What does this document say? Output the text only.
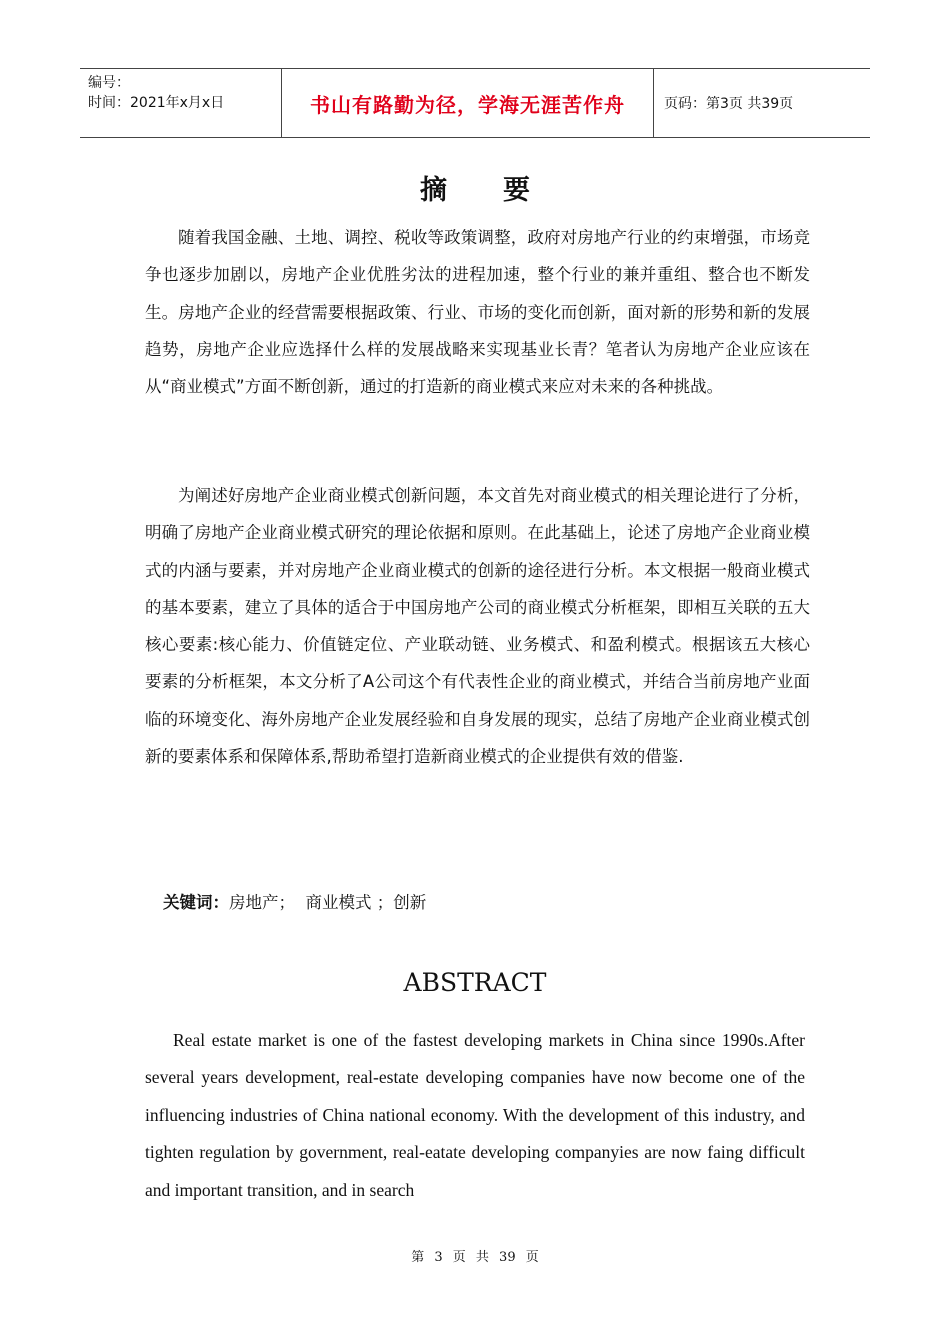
编号：
时间：2021年x月x日	书山有路勤为径，学海无涯苦作舟	页码：第3页 共39页
摘要

随着我国金融、土地、调控、税收等政策调整，政府对房地产行业的约束增强，市场竞争也逐步加剧以，房地产企业优胜劣汰的进程加速，整个行业的兼并重组、整合也不断发生。房地产企业的经营需要根据政策、行业、市场的变化而创新，面对新的形势和新的发展趋势，房地产企业应选择什么样的发展战略来实现基业长青？笔者认为房地产企业应该在从“商业模式”方面不断创新，通过的打造新的商业模式来应对未来的各种挑战。

为阐述好房地产企业商业模式创新问题，本文首先对商业模式的相关理论进行了分析，明确了房地产企业商业模式研究的理论依据和原则。在此基础上，论述了房地产企业商业模式的内涵与要素，并对房地产企业商业模式的创新的途径进行分析。本文根据一般商业模式的基本要素，建立了具体的适合于中国房地产公司的商业模式分析框架，即相互关联的五大核心要素:核心能力、价值链定位、产业联动链、业务模式、和盈利模式。根据该五大核心要素的分析框架，本文分析了A公司这个有代表性企业的商业模式，并结合当前房地产业面临的环境变化、海外房地产企业发展经验和自身发展的现实，总结了房地产企业商业模式创新的要素体系和保障体系,帮助希望打造新商业模式的企业提供有效的借鉴.

关键词：房地产；  商业模式 ；创新
ABSTRACT

Real estate market is one of the fastest developing markets in China since 1990s.After several years development, real-estate developing companies have now become one of the influencing industries of China national economy. With the development of this industry, and tighten regulation by government, real-eatate developing companyies are now faing difficult and important transition, and in search

第 3 页 共 39 页
